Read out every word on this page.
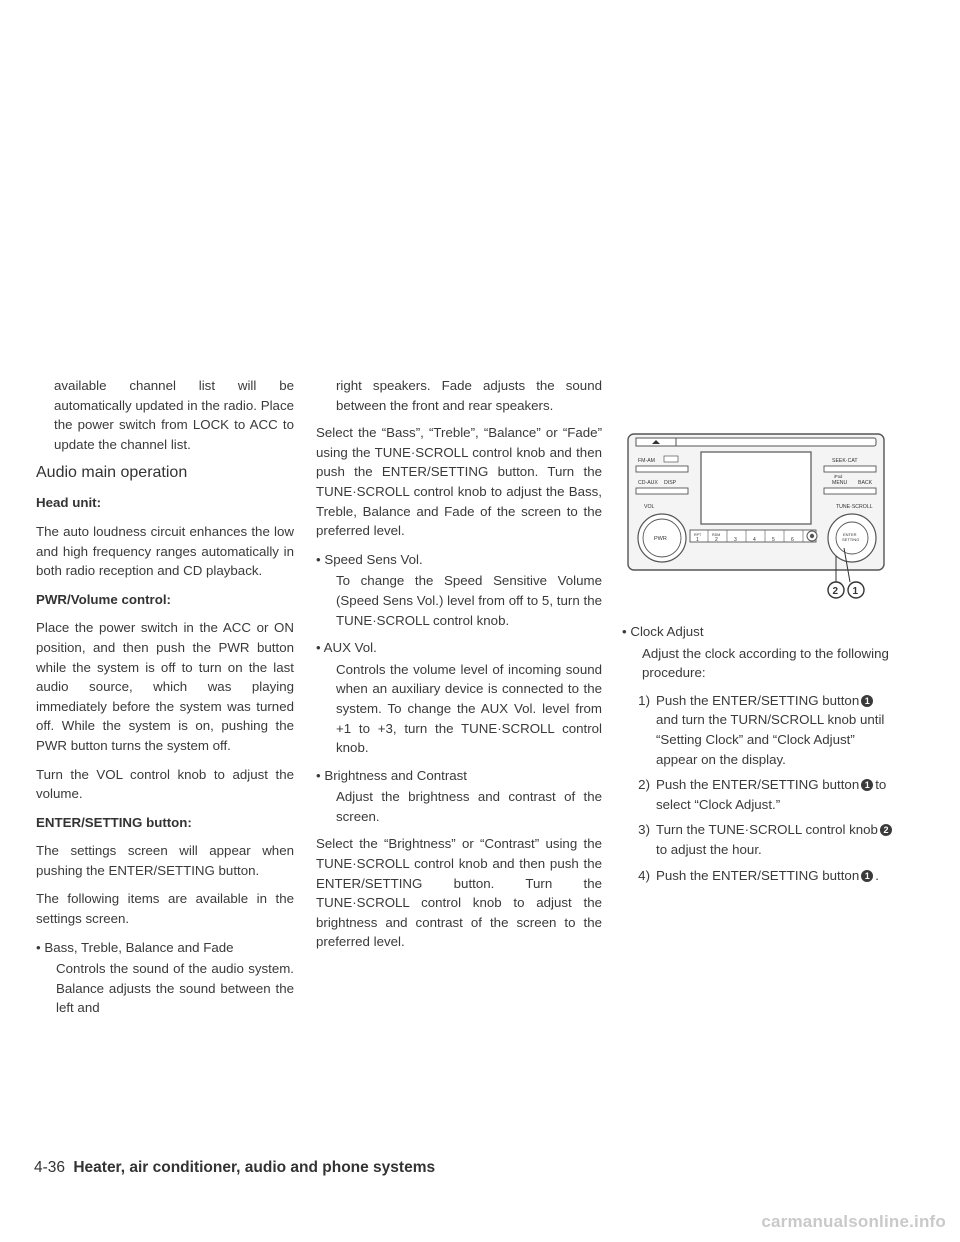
available channel list will be automatically updated in the radio. Place the power switch from LOCK to ACC to update the channel list.

Audio main operation
Head unit:

The auto loudness circuit enhances the low and high frequency ranges automatically in both radio reception and CD playback.

PWR/Volume control:

Place the power switch in the ACC or ON position, and then push the PWR button while the system is off to turn on the last audio source, which was playing immediately before the system was turned off. While the system is on, pushing the PWR button turns the system off.

Turn the VOL control knob to adjust the volume.

ENTER/SETTING button:

The settings screen will appear when pushing the ENTER/SETTING button.

The following items are available in the settings screen.

• Bass, Treble, Balance and Fade
Controls the sound of the audio system. Balance adjusts the sound between the left and
right speakers. Fade adjusts the sound between the front and rear speakers.

Select the “Bass”, “Treble”, “Balance” or “Fade” using the TUNE·SCROLL control knob and then push the ENTER/SETTING button. Turn the TUNE·SCROLL control knob to adjust the Bass, Treble, Balance and Fade of the screen to the preferred level.

• Speed Sens Vol.
To change the Speed Sensitive Volume (Speed Sens Vol.) level from off to 5, turn the TUNE·SCROLL control knob.
• AUX Vol.
Controls the volume level of incoming sound when an auxiliary device is connected to the system. To change the AUX Vol. level from +1 to +3, turn the TUNE·SCROLL control knob.
• Brightness and Contrast
Adjust the brightness and contrast of the screen.

Select the “Brightness” or “Contrast” using the TUNE·SCROLL control knob and then push the ENTER/SETTING button. Turn the TUNE·SCROLL control knob to adjust the brightness and contrast of the screen to the preferred level.

FM-AM
CD-AUX DISP
VOL
SEEK·CAT
iPod
MENU BACK
TUNE·SCROLL
PWR
RPT	RDM
1	2	3	4	5	6
ENTER
SETTING
2 1
• Clock Adjust
Adjust the clock according to the following procedure:
1) Push the ENTER/SETTING button 1and turn the TURN/SCROLL knob until “Setting Clock” and “Clock Adjust” appear on the display.
2) Push the ENTER/SETTING button 1 to select “Clock Adjust.”
3) Turn the TUNE·SCROLL control knob 2to adjust the hour.
4) Push the ENTER/SETTING button 1 .
4-36 Heater, air conditioner, audio and phone systems
carmanualsonline.info
